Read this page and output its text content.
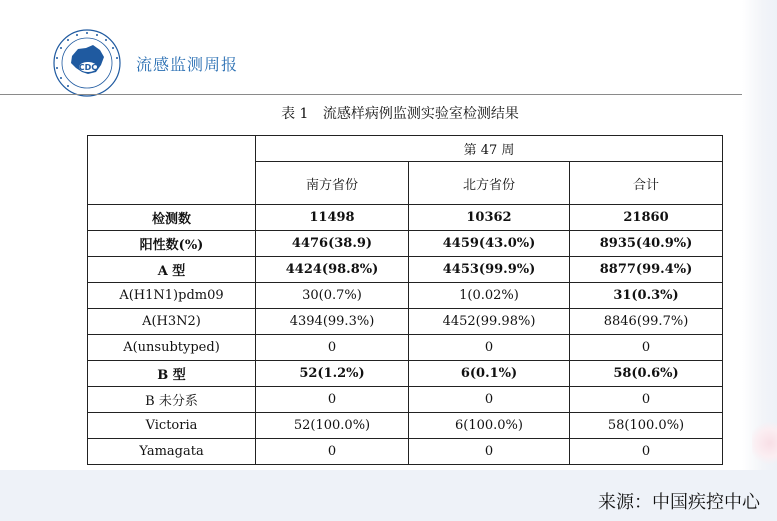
CDC 流感监测周报
表 1 流感样病例监测实验室检测结果
	第 47 周		
	南方省份	北方省份	合计
检测数	11498	10362	21860
阳性数(%)	4476(38.9)	4459(43.0%)	8935(40.9%)
A 型	4424(98.8%)	4453(99.9%)	8877(99.4%)
A(H1N1)pdm09	30(0.7%)	1(0.02%)	31(0.3%)
A(H3N2)	4394(99.3%)	4452(99.98%)	8846(99.7%)
A(unsubtyped)	0	0	0
B 型	52(1.2%)	6(0.1%)	58(0.6%)
B 未分系	0	0	0
Victoria	52(100.0%)	6(100.0%)	58(100.0%)
Yamagata	0	0	0
来源：中国疾控中心
